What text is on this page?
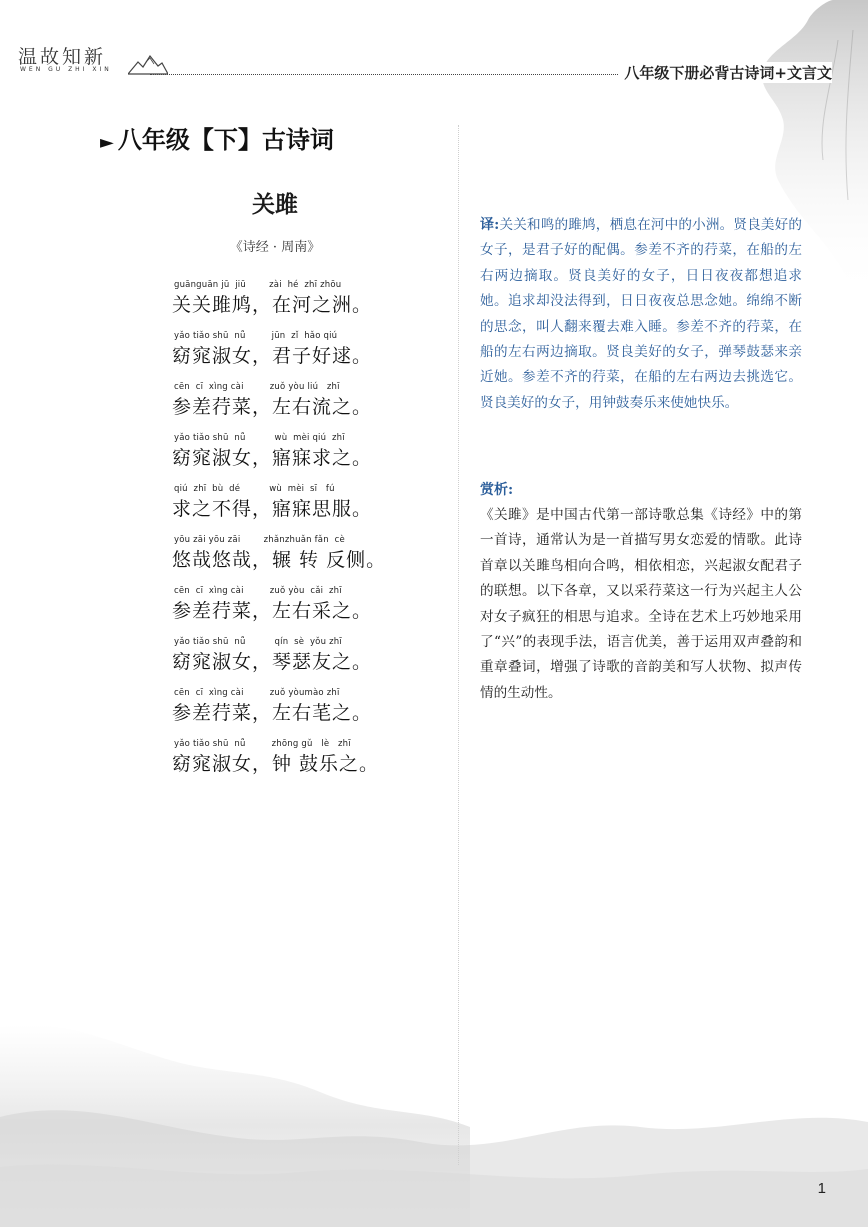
温故知新
WEN GU ZHI XIN	八年级下册必背古诗词+文言文
► 八年级【下】古诗词
关雎
《诗经 · 周南》
guānguān jū  jiū        zài  hé  zhī zhōu
关关雎鸠，在河之洲。
yǎo tiǎo shū  nǚ         jūn  zǐ  hǎo qiú
窈窕淑女，君子好逑。
cēn  cī  xìng cài         zuǒ yòu liú   zhī
参差荇菜，左右流之。
yǎo tiǎo shū  nǚ          wù  mèi qiú  zhī
窈窕淑女，寤寐求之。
qiú  zhī  bù  dé          wù  mèi  sī   fú
求之不得，寤寐思服。
yōu zāi yōu zāi        zhǎnzhuǎn fǎn  cè
悠哉悠哉，辗 转 反侧。
cēn  cī  xìng cài         zuǒ yòu  cǎi  zhī
参差荇菜，左右采之。
yǎo tiǎo shū  nǚ          qín  sè  yǒu zhī
窈窕淑女，琴瑟友之。
cēn  cī  xìng cài         zuǒ yòumào zhī
参差荇菜，左右芼之。
yǎo tiǎo shū  nǚ         zhōng gǔ   lè   zhī
窈窕淑女，钟 鼓乐之。
译:关关和鸣的雎鸠，栖息在河中的小洲。贤良美好的女子，是君子好的配偶。参差不齐的荇菜，在船的左右两边摘取。贤良美好的女子，日日夜夜都想追求她。追求却没法得到，日日夜夜总思念她。绵绵不断的思念，叫人翻来覆去难入睡。参差不齐的荇菜，在船的左右两边摘取。贤良美好的女子，弹琴鼓瑟来亲近她。参差不齐的荇菜，在船的左右两边去挑选它。贤良美好的女子，用钟鼓奏乐来使她快乐。
赏析:
《关雎》是中国古代第一部诗歌总集《诗经》中的第一首诗，通常认为是一首描写男女恋爱的情歌。此诗首章以关雎鸟相向合鸣，相依相恋，兴起淑女配君子的联想。以下各章，又以采荇菜这一行为兴起主人公对女子疯狂的相思与追求。全诗在艺术上巧妙地采用了“兴”的表现手法，语言优美，善于运用双声叠韵和重章叠词，增强了诗歌的音韵美和写人状物、拟声传情的生动性。
1
